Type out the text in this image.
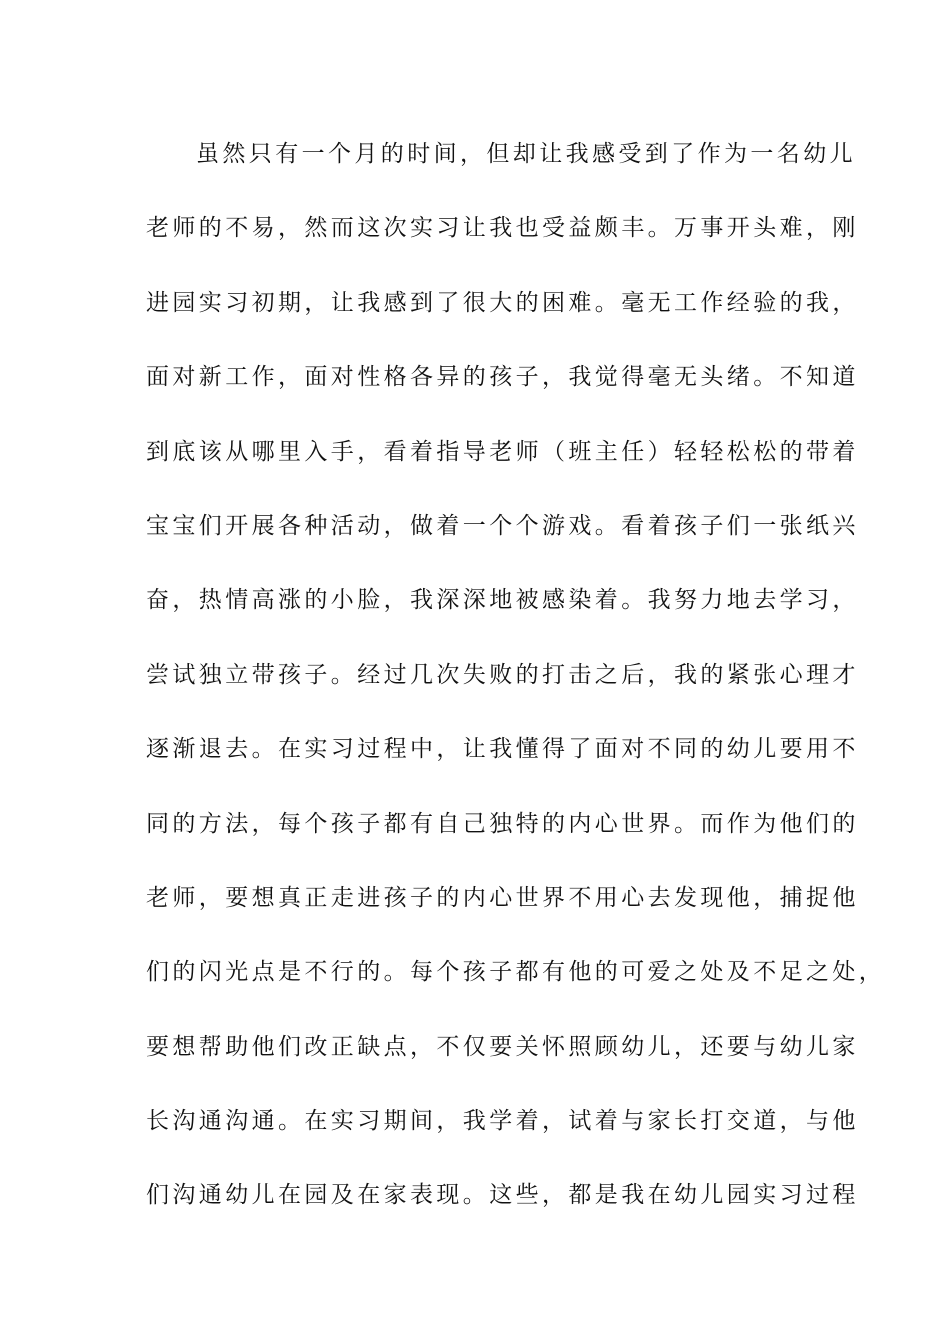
虽然只有一个月的时间，但却让我感受到了作为一名幼儿
老师的不易，然而这次实习让我也受益颇丰。万事开头难，刚
进园实习初期，让我感到了很大的困难。毫无工作经验的我，
面对新工作，面对性格各异的孩子，我觉得毫无头绪。不知道
到底该从哪里入手，看着指导老师（班主任）轻轻松松的带着
宝宝们开展各种活动，做着一个个游戏。看着孩子们一张纸兴
奋，热情高涨的小脸，我深深地被感染着。我努力地去学习，
尝试独立带孩子。经过几次失败的打击之后，我的紧张心理才
逐渐退去。在实习过程中，让我懂得了面对不同的幼儿要用不
同的方法，每个孩子都有自己独特的内心世界。而作为他们的
老师，要想真正走进孩子的内心世界不用心去发现他，捕捉他
们的闪光点是不行的。每个孩子都有他的可爱之处及不足之处，
要想帮助他们改正缺点，不仅要关怀照顾幼儿，还要与幼儿家
长沟通沟通。在实习期间，我学着，试着与家长打交道，与他
们沟通幼儿在园及在家表现。这些，都是我在幼儿园实习过程
